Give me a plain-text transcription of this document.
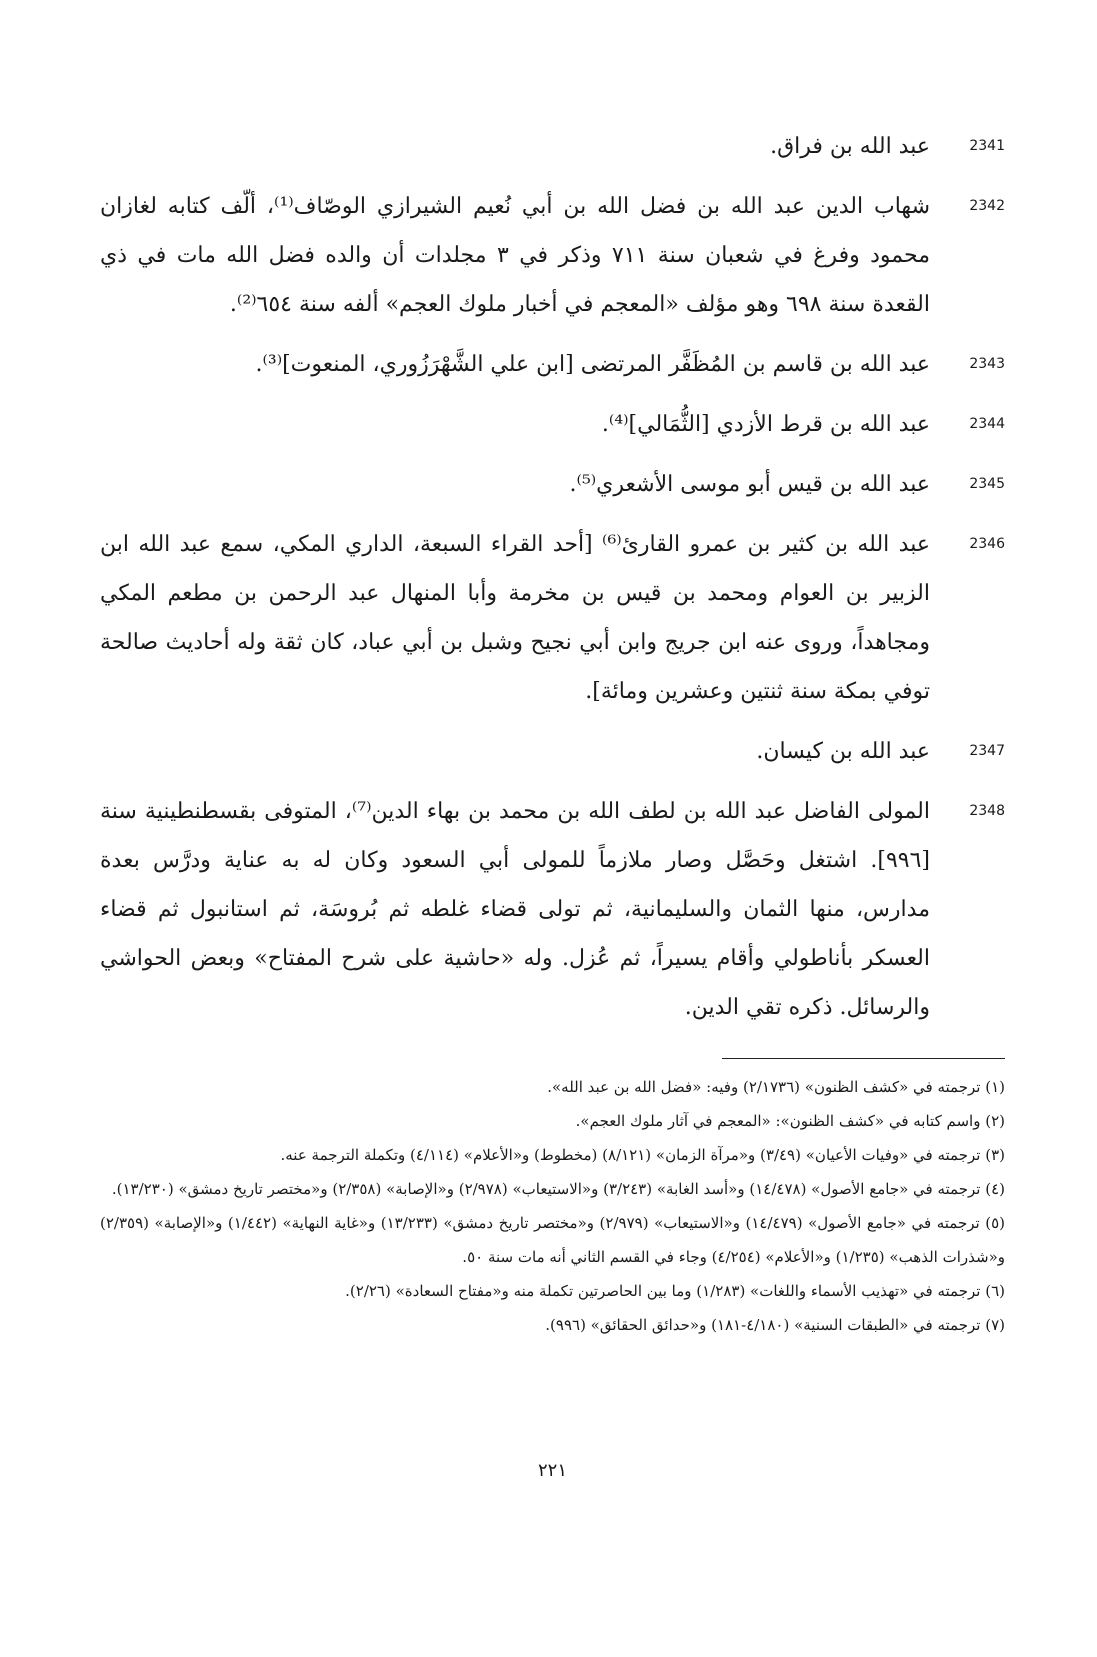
2341
عبد الله بن فراق.
2342
شهاب الدين عبد الله بن فضل الله بن أبي نُعيم الشيرازي الوصّاف⁽¹⁾، ألّف كتابه لغازان محمود وفرغ في شعبان سنة ٧١١ وذكر في ٣ مجلدات أن والده فضل الله مات في ذي القعدة سنة ٦٩٨ وهو مؤلف «المعجم في أخبار ملوك العجم» ألفه سنة ٦٥٤⁽²⁾.
2343
عبد الله بن قاسم بن المُظَفَّر المرتضى [ابن علي الشَّهْرَزُوري، المنعوت]⁽³⁾.
2344
عبد الله بن قرط الأزدي [الثُّمَالي]⁽⁴⁾.
2345
عبد الله بن قيس أبو موسى الأشعري⁽⁵⁾.
2346
عبد الله بن كثير بن عمرو القارئ⁽⁶⁾ [أحد القراء السبعة، الداري المكي، سمع عبد الله ابن الزبير بن العوام ومحمد بن قيس بن مخرمة وأبا المنهال عبد الرحمن بن مطعم المكي ومجاهداً، وروى عنه ابن جريج وابن أبي نجيح وشبل بن أبي عباد، كان ثقة وله أحاديث صالحة توفي بمكة سنة ثنتين وعشرين ومائة].
2347
عبد الله بن كيسان.
2348
المولى الفاضل عبد الله بن لطف الله بن محمد بن بهاء الدين⁽⁷⁾، المتوفى بقسطنطينية سنة [٩٩٦]. اشتغل وحَصَّل وصار ملازماً للمولى أبي السعود وكان له به عناية ودرَّس بعدة مدارس، منها الثمان والسليمانية، ثم تولى قضاء غلطه ثم بُروسَة، ثم استانبول ثم قضاء العسكر بأناطولي وأقام يسيراً، ثم عُزل. وله «حاشية على شرح المفتاح» وبعض الحواشي والرسائل. ذكره تقي الدين.
(١) ترجمته في «كشف الظنون» (٢/١٧٣٦) وفيه: «فضل الله بن عبد الله».
(٢) واسم كتابه في «كشف الظنون»: «المعجم في آثار ملوك العجم».
(٣) ترجمته في «وفيات الأعيان» (٣/٤٩) و«مرآة الزمان» (٨/١٢١) (مخطوط) و«الأعلام» (٤/١١٤) وتكملة الترجمة عنه.
(٤) ترجمته في «جامع الأصول» (١٤/٤٧٨) و«أسد الغابة» (٣/٢٤٣) و«الاستيعاب» (٢/٩٧٨) و«الإصابة» (٢/٣٥٨) و«مختصر تاريخ دمشق» (١٣/٢٣٠).
(٥) ترجمته في «جامع الأصول» (١٤/٤٧٩) و«الاستيعاب» (٢/٩٧٩) و«مختصر تاريخ دمشق» (١٣/٢٣٣) و«غاية النهاية» (١/٤٤٢) و«الإصابة» (٢/٣٥٩) و«شذرات الذهب» (١/٢٣٥) و«الأعلام» (٤/٢٥٤) وجاء في القسم الثاني أنه مات سنة ٥٠.
(٦) ترجمته في «تهذيب الأسماء واللغات» (١/٢٨٣) وما بين الحاصرتين تكملة منه و«مفتاح السعادة» (٢/٢٦).
(٧) ترجمته في «الطبقات السنية» (٤/١٨٠-١٨١) و«حدائق الحقائق» (٩٩٦).
٢٢١
